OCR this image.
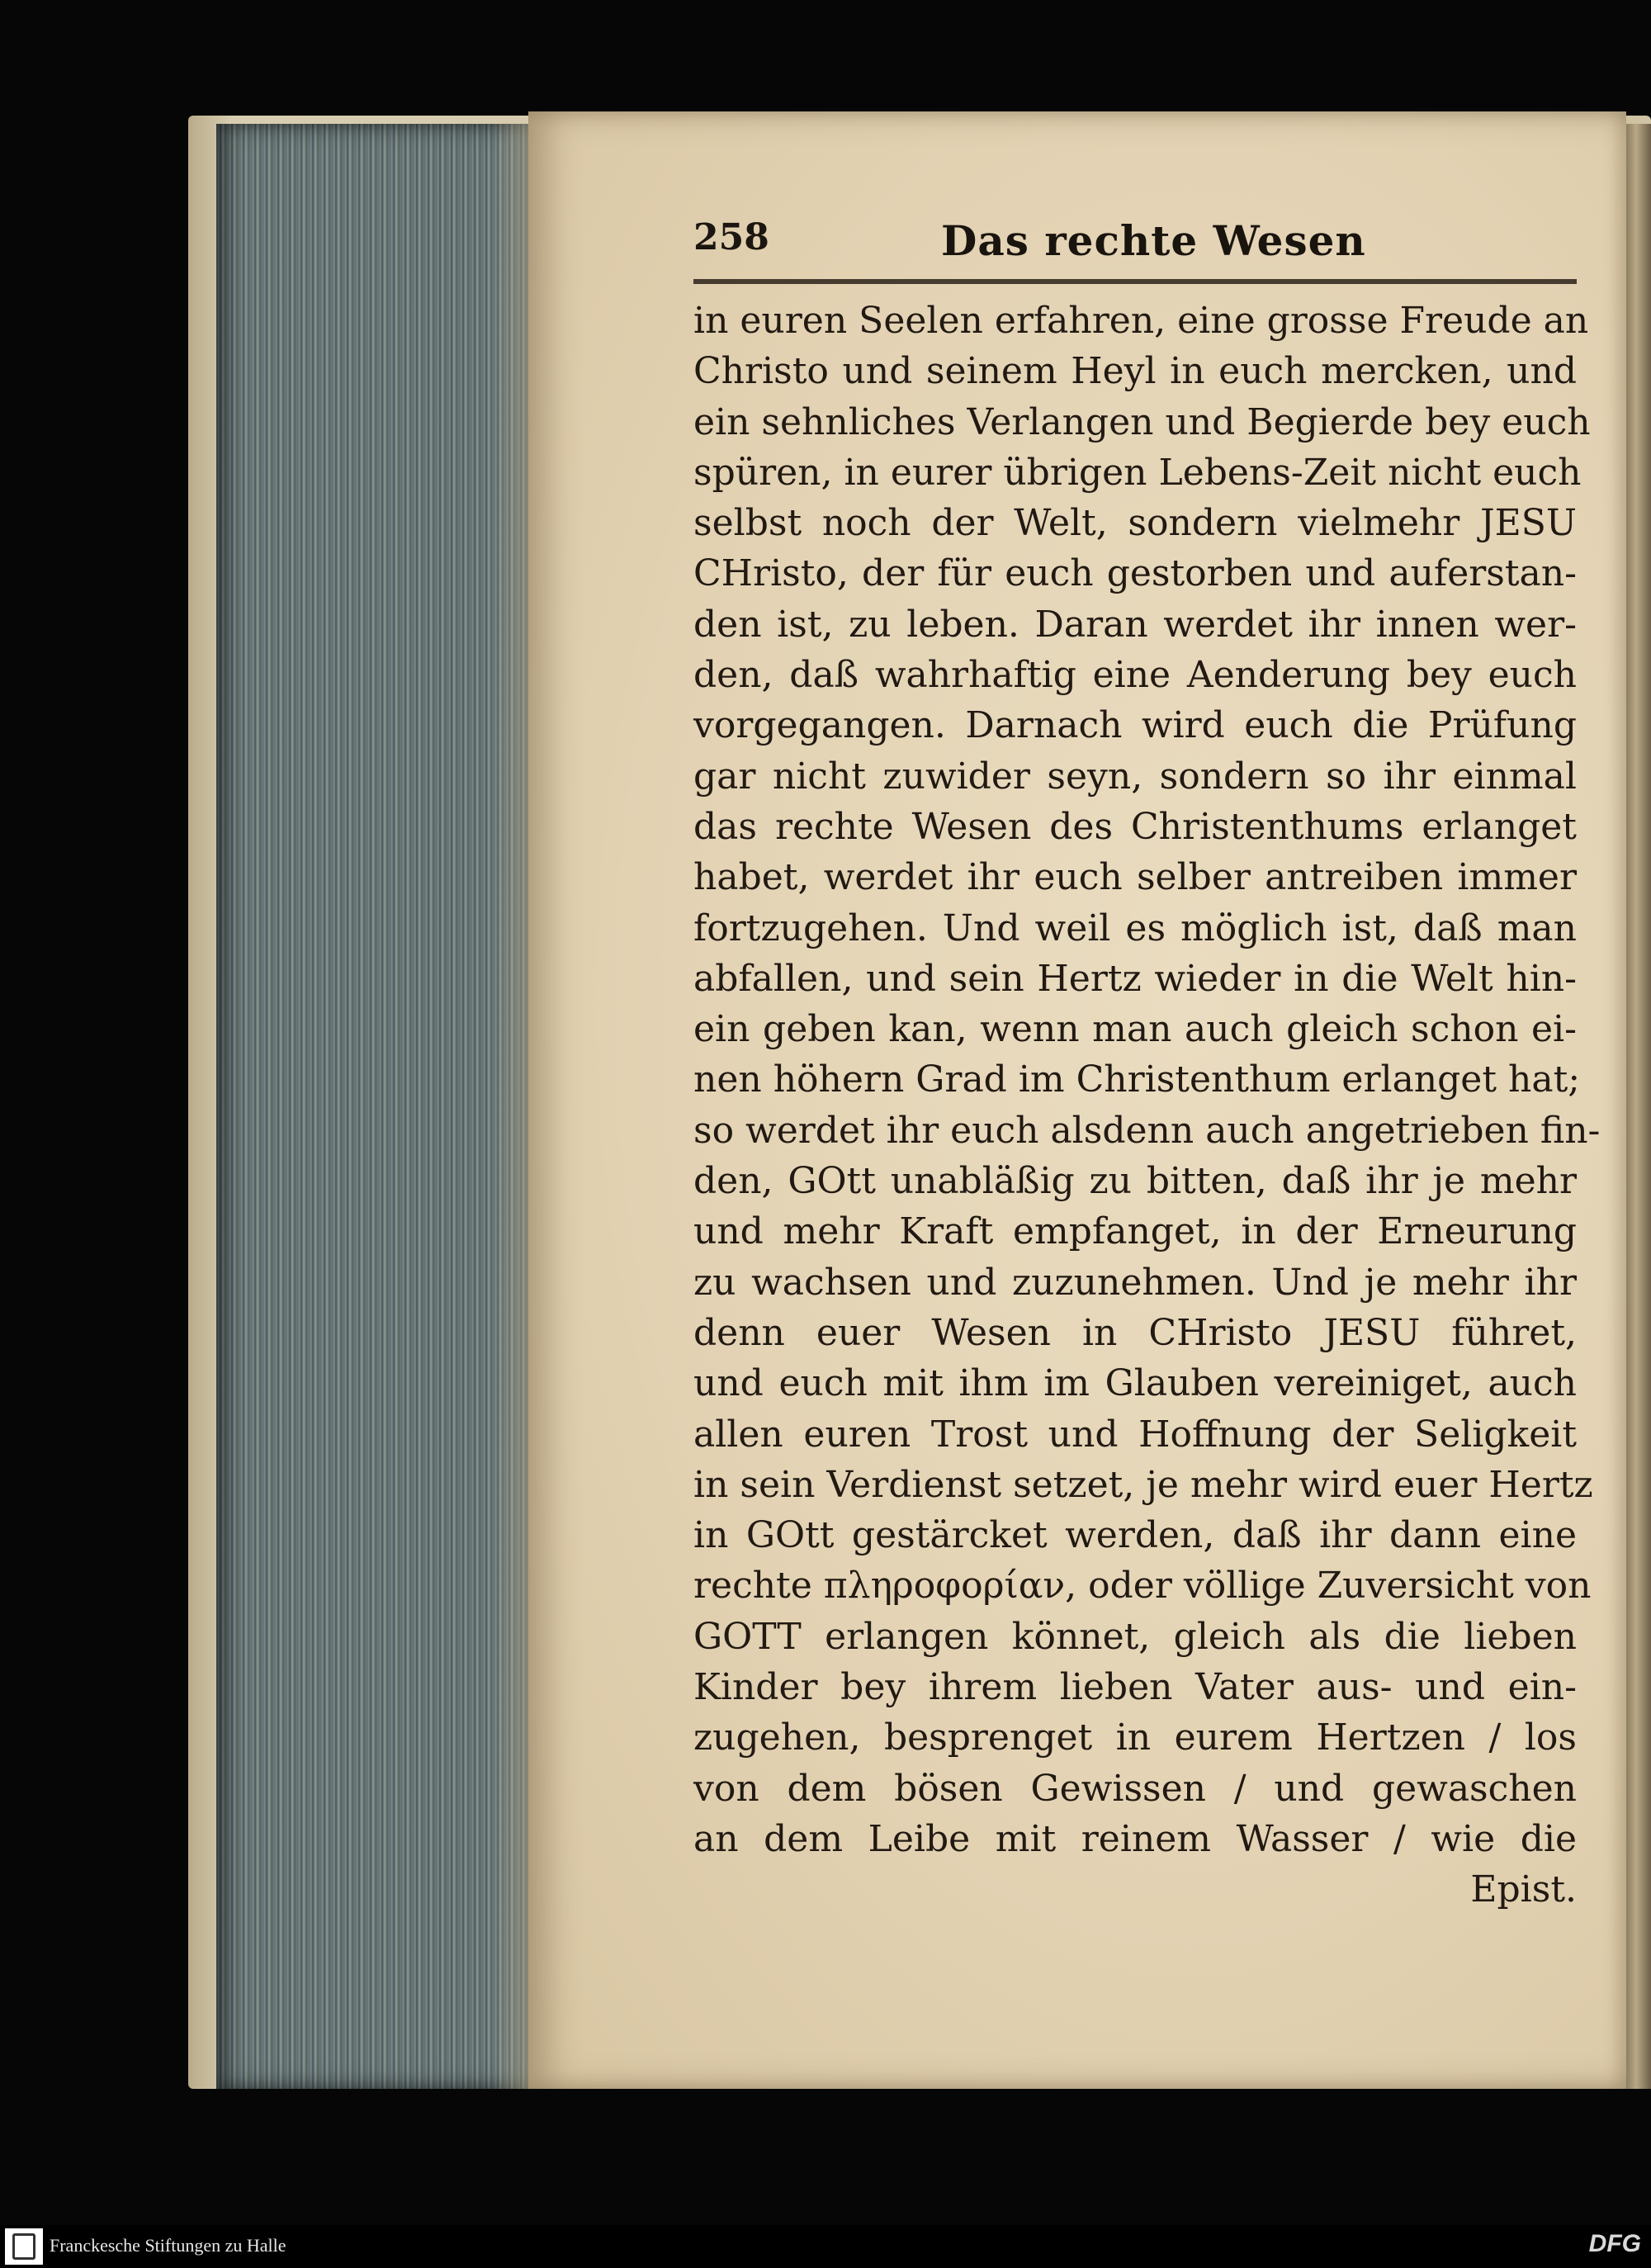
258	Das rechte Wesen
in euren Seelen erfahren, eine grosse Freude an
Christo und seinem Heyl in euch mercken, und
ein sehnliches Verlangen und Begierde bey euch
spüren, in eurer übrigen Lebens-Zeit nicht euch
selbst noch der Welt, sondern vielmehr JESU
CHristo, der für euch gestorben und auferstan-
den ist, zu leben. Daran werdet ihr innen wer-
den, daß wahrhaftig eine Aenderung bey euch
vorgegangen. Darnach wird euch die Prüfung
gar nicht zuwider seyn, sondern so ihr einmal
das rechte Wesen des Christenthums erlanget
habet, werdet ihr euch selber antreiben immer
fortzugehen. Und weil es möglich ist, daß man
abfallen, und sein Hertz wieder in die Welt hin-
ein geben kan, wenn man auch gleich schon ei-
nen höhern Grad im Christenthum erlanget hat;
so werdet ihr euch alsdenn auch angetrieben fin-
den, GOtt unabläßig zu bitten, daß ihr je mehr
und mehr Kraft empfanget, in der Erneurung
zu wachsen und zuzunehmen. Und je mehr ihr
denn euer Wesen in CHristo JESU führet,
und euch mit ihm im Glauben vereiniget, auch
allen euren Trost und Hoffnung der Seligkeit
in sein Verdienst setzet, je mehr wird euer Hertz
in GOtt gestärcket werden, daß ihr dann eine
rechte πληροφορίαν, oder völlige Zuversicht von
GOTT erlangen könnet, gleich als die lieben
Kinder bey ihrem lieben Vater aus- und ein-
zugehen, besprenget in eurem Hertzen / los
von dem bösen Gewissen / und gewaschen
an dem Leibe mit reinem Wasser / wie die
Epist.
Franckesche Stiftungen zu Halle	DFG
